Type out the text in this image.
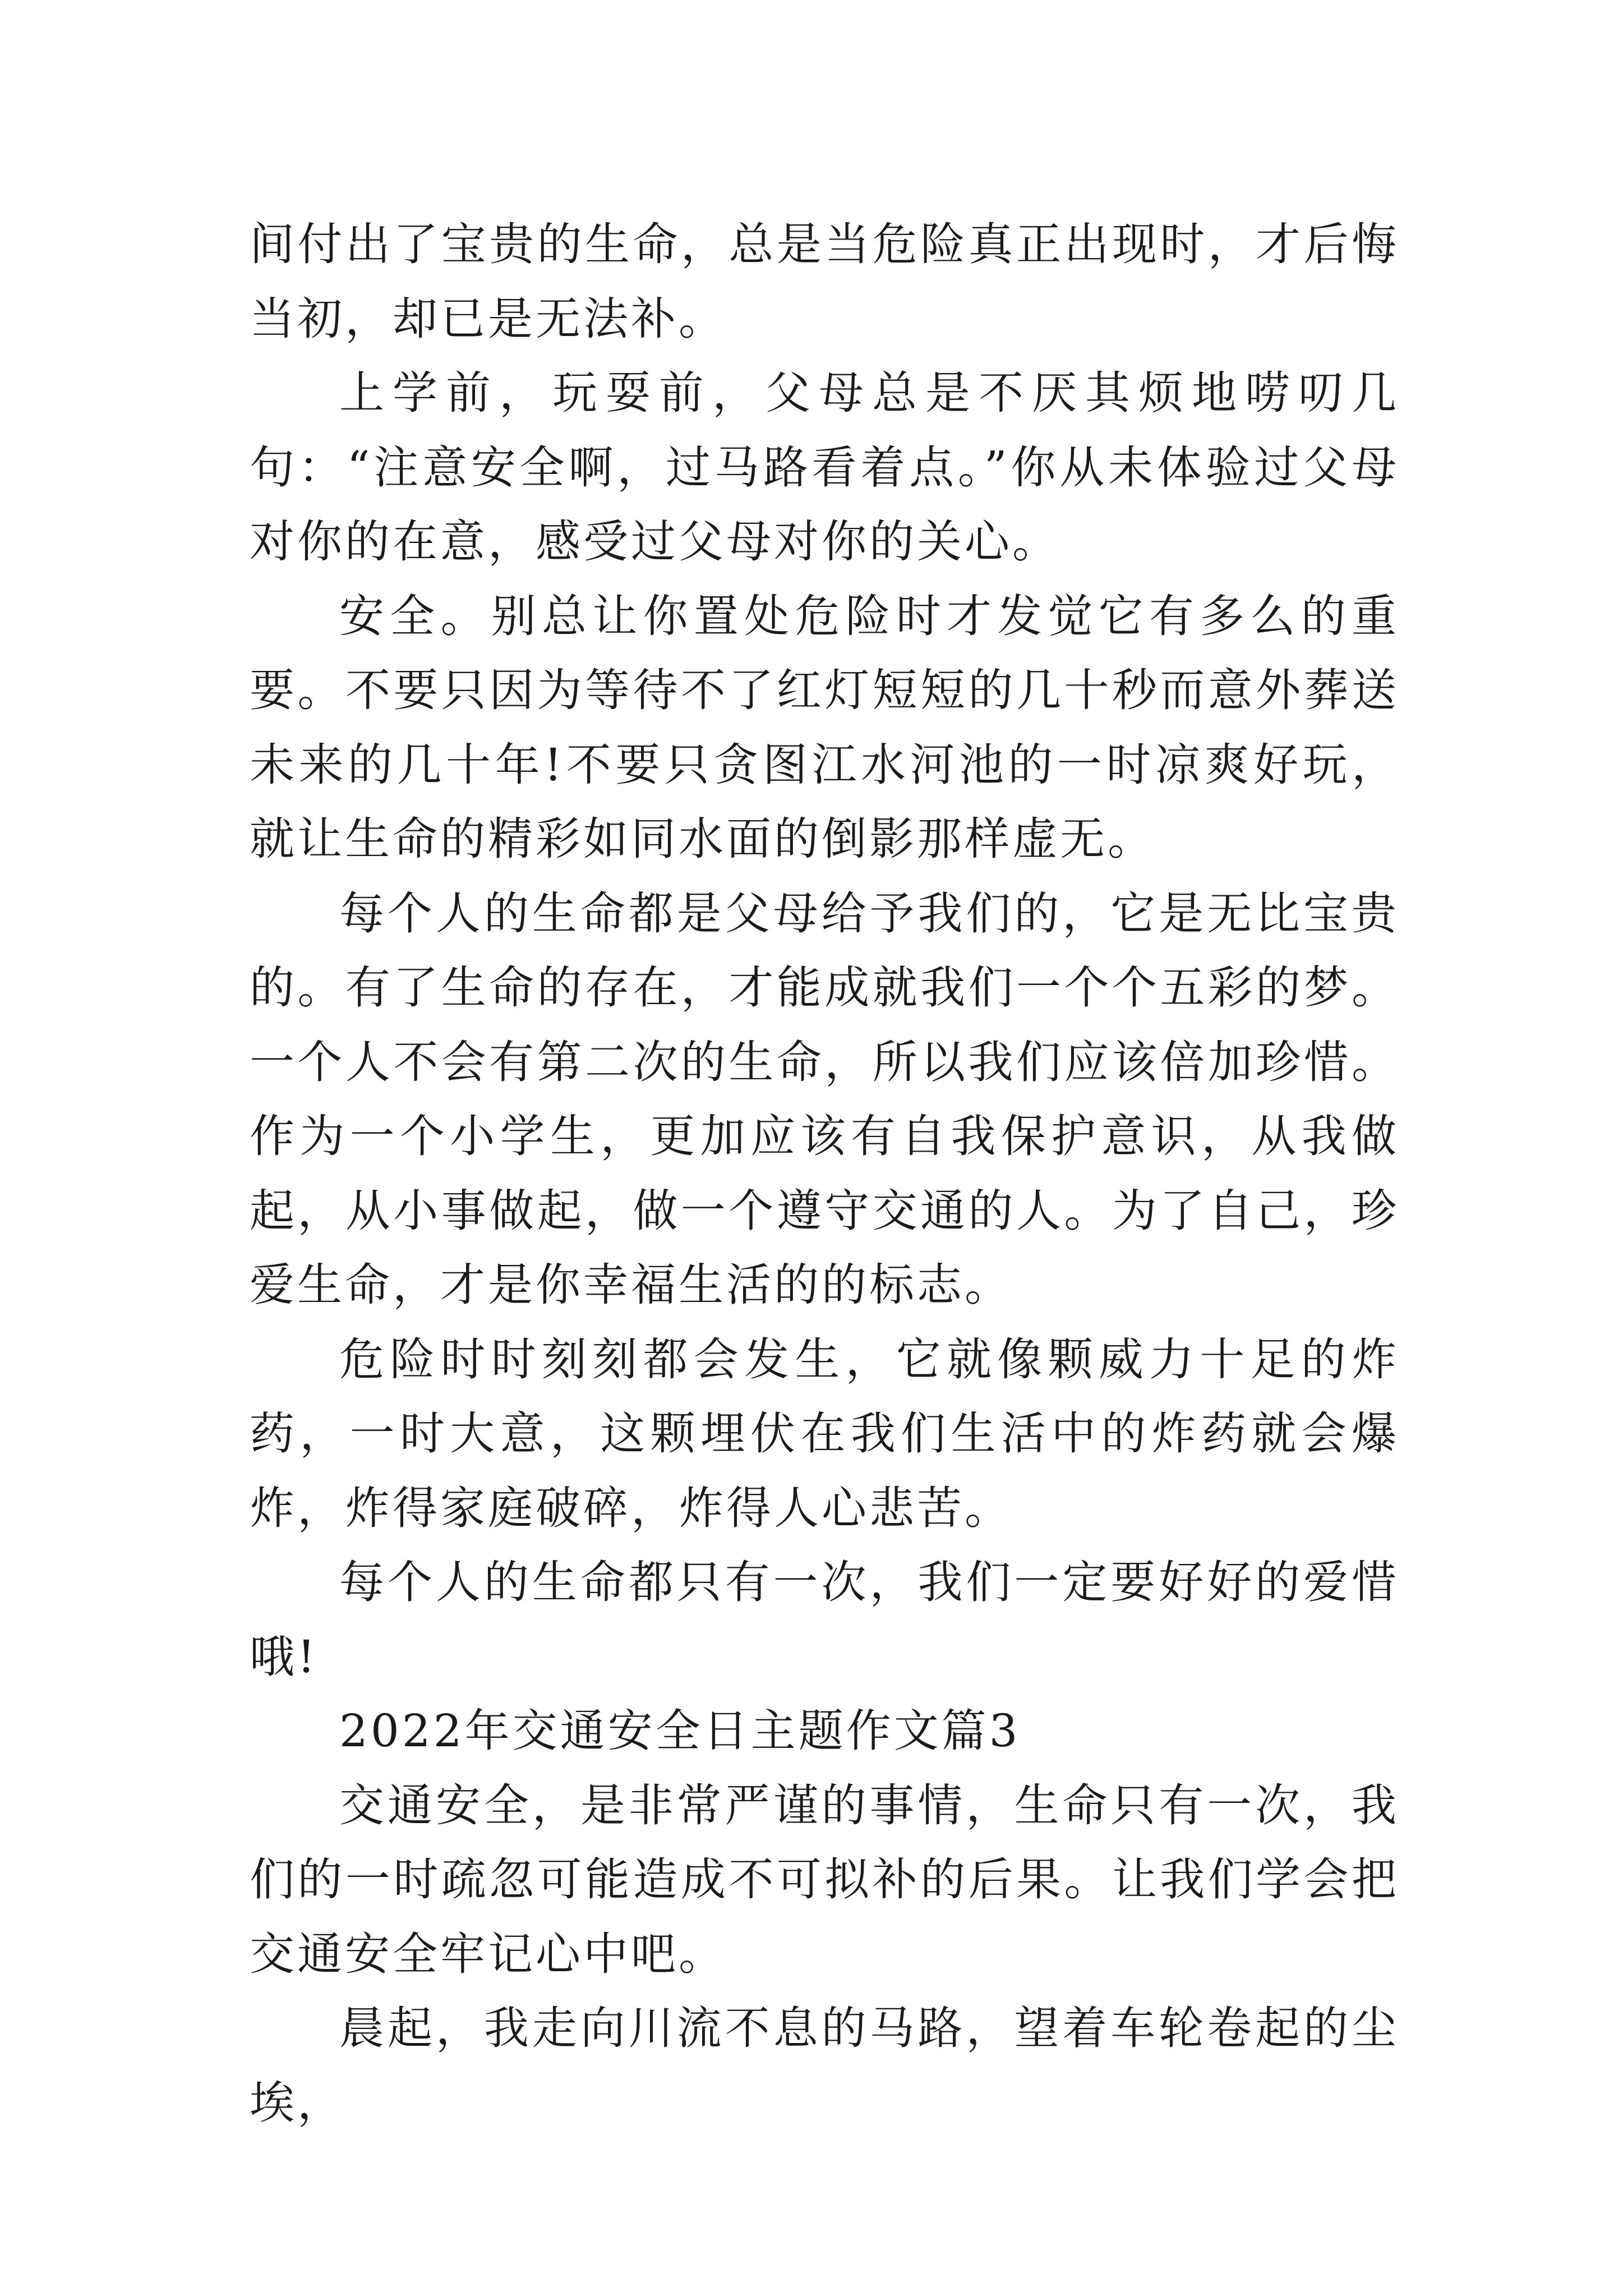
间付出了宝贵的生命，总是当危险真正出现时，才后悔当初，却已是无法补。

上学前，玩耍前，父母总是不厌其烦地唠叨几句：“注意安全啊，过马路看着点。”你从未体验过父母对你的在意，感受过父母对你的关心。

安全。别总让你置处危险时才发觉它有多么的重要。不要只因为等待不了红灯短短的几十秒而意外葬送未来的几十年!不要只贪图江水河池的一时凉爽好玩，就让生命的精彩如同水面的倒影那样虚无。

每个人的生命都是父母给予我们的，它是无比宝贵的。有了生命的存在，才能成就我们一个个五彩的梦。一个人不会有第二次的生命，所以我们应该倍加珍惜。作为一个小学生，更加应该有自我保护意识，从我做起，从小事做起，做一个遵守交通的人。为了自己，珍爱生命，才是你幸福生活的的标志。

危险时时刻刻都会发生，它就像颗威力十足的炸药，一时大意，这颗埋伏在我们生活中的炸药就会爆炸，炸得家庭破碎，炸得人心悲苦。

每个人的生命都只有一次，我们一定要好好的爱惜哦!

2022年交通安全日主题作文篇3

交通安全，是非常严谨的事情，生命只有一次，我们的一时疏忽可能造成不可拟补的后果。让我们学会把交通安全牢记心中吧。

晨起，我走向川流不息的马路，望着车轮卷起的尘埃，
